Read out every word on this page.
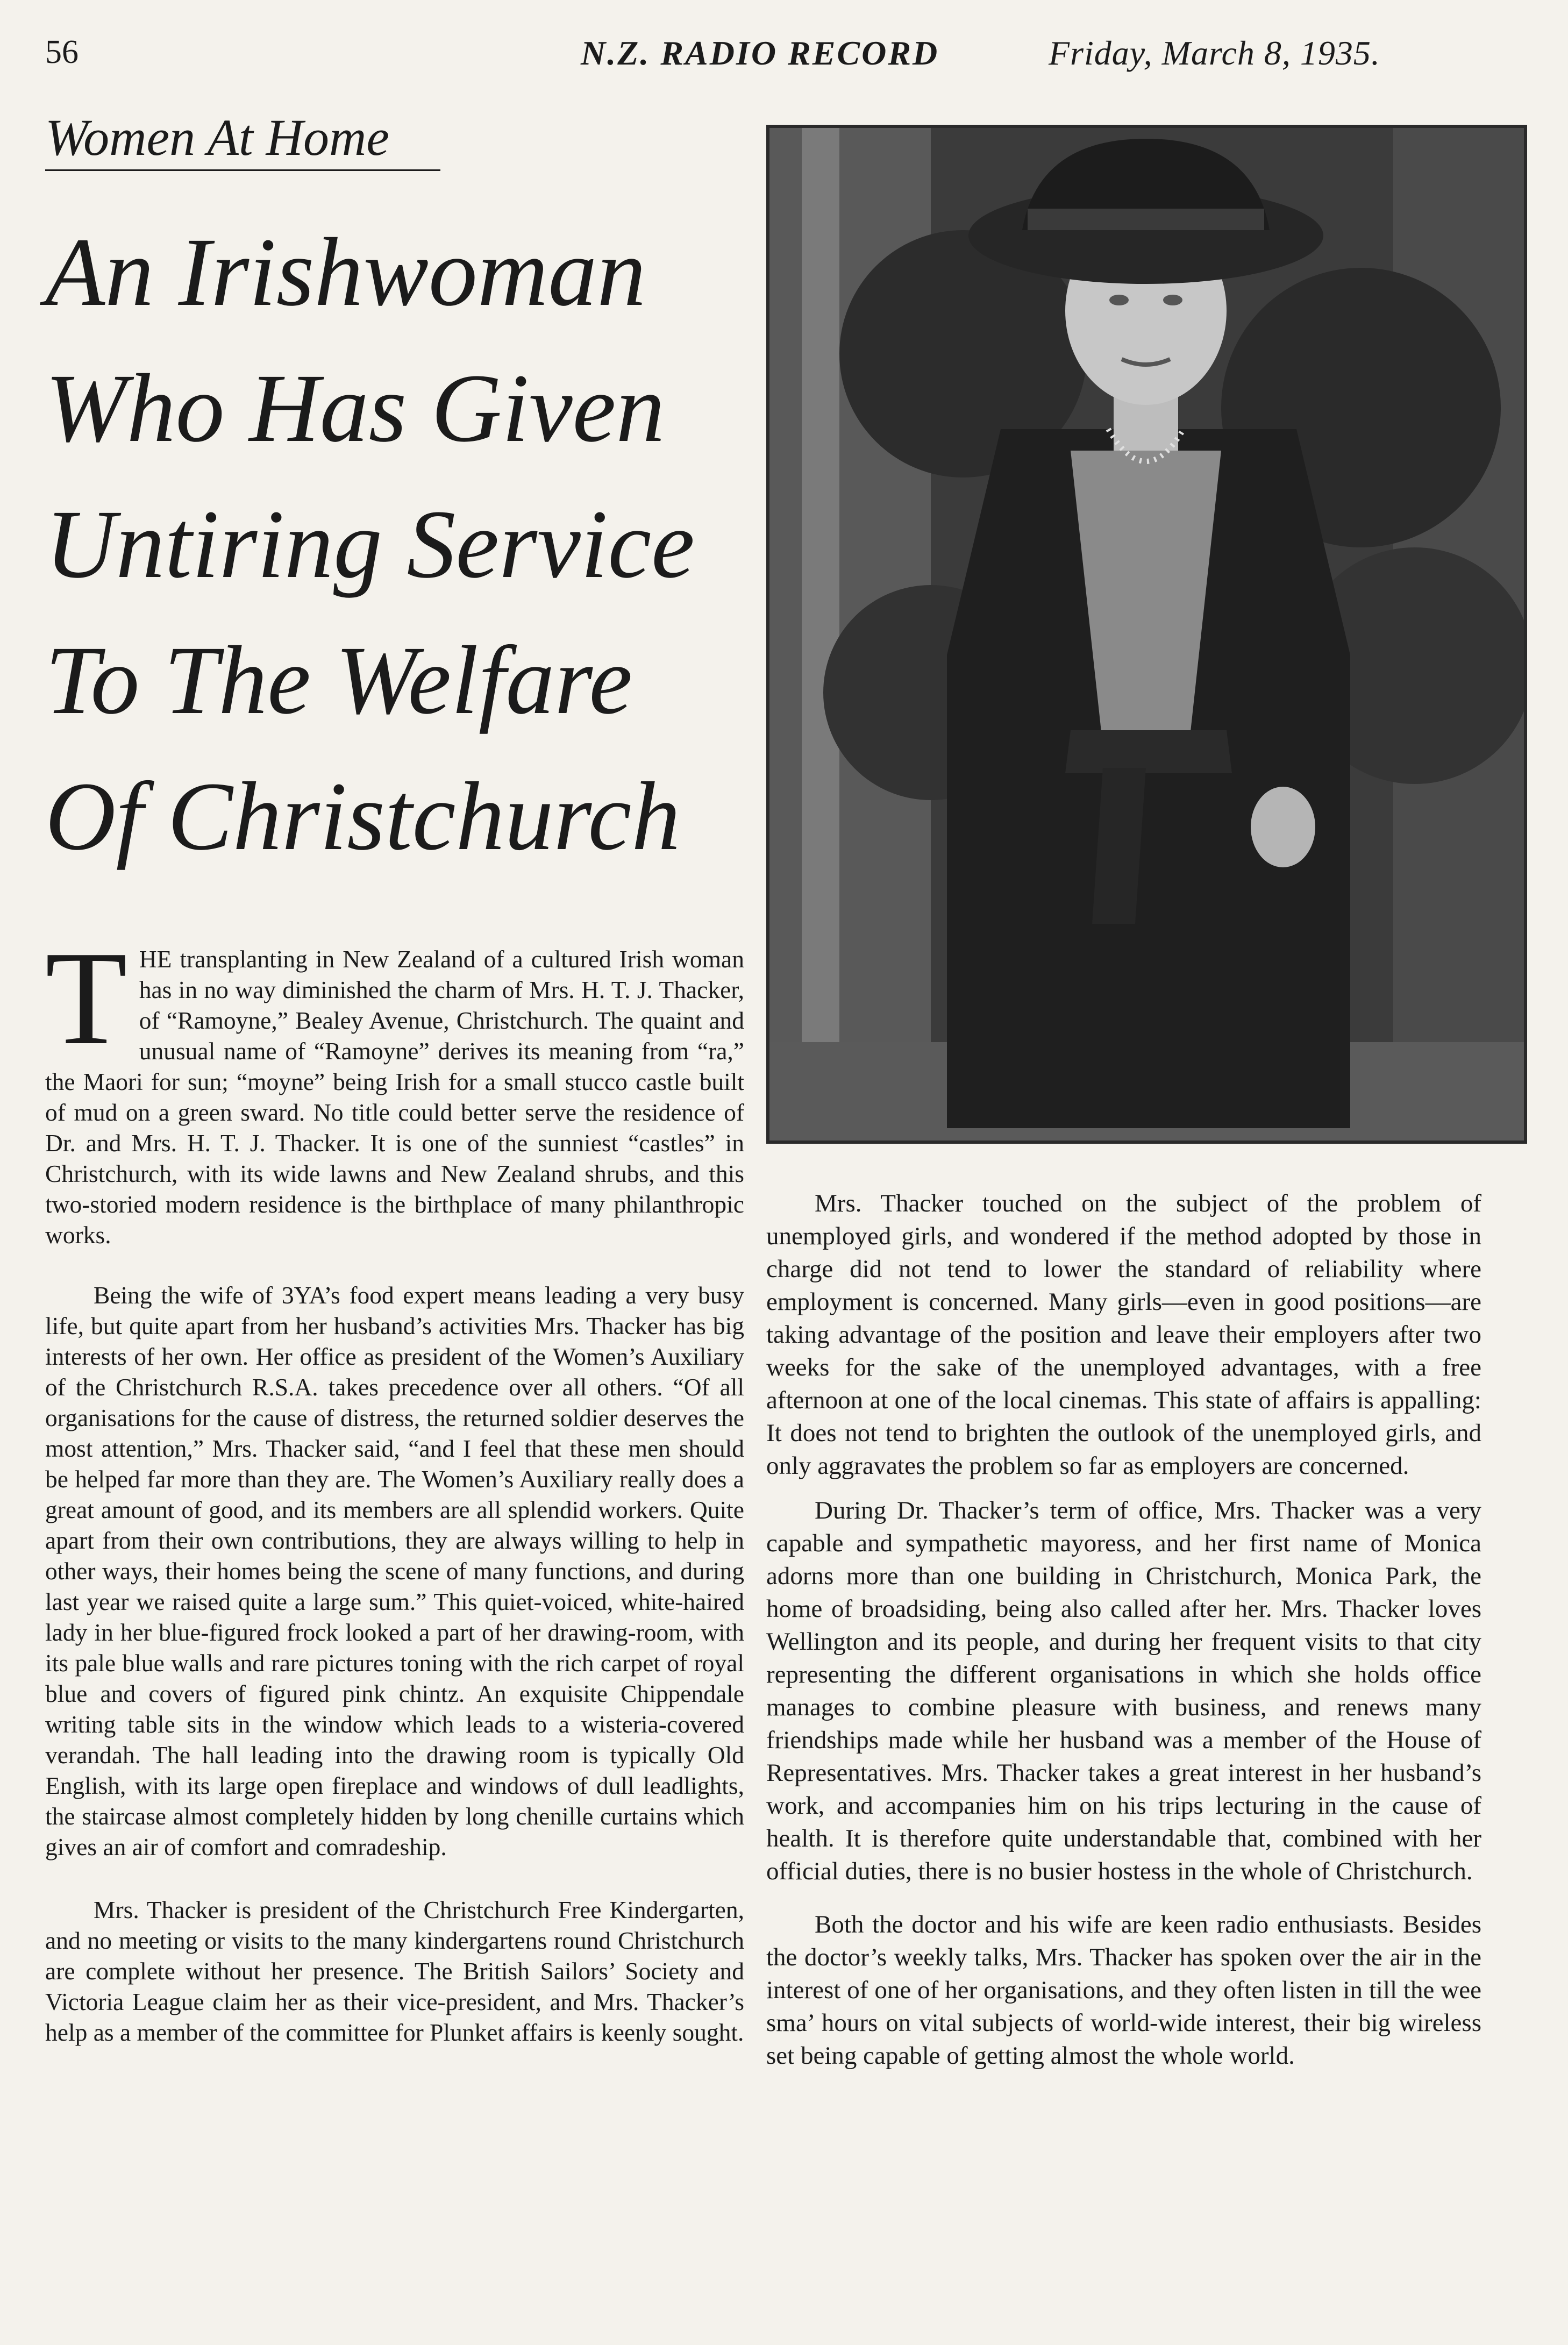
56	N.Z. RADIO RECORD	Friday, March 8, 1935.
Women At Home
An Irishwoman
Who Has Given
Untiring Service
To The Welfare
Of Christchurch

THE transplanting in New Zealand of a cultured Irish woman has in no way diminished the charm of Mrs. H. T. J. Thacker, of “Ramoyne,” Bealey Avenue, Christchurch. The quaint and unusual name of “Ramoyne” derives its meaning from “ra,” the Maori for sun; “moyne” being Irish for a small stucco castle built of mud on a green sward. No title could better serve the residence of Dr. and Mrs. H. T. J. Thacker. It is one of the sunniest “castles” in Christchurch, with its wide lawns and New Zealand shrubs, and this two-storied modern residence is the birthplace of many philanthropic works.

Being the wife of 3YA’s food expert means leading a very busy life, but quite apart from her husband’s activities Mrs. Thacker has big interests of her own. Her office as president of the Women’s Auxiliary of the Christchurch R.S.A. takes precedence over all others. “Of all organisations for the cause of distress, the returned soldier deserves the most attention,” Mrs. Thacker said, “and I feel that these men should be helped far more than they are. The Women’s Auxiliary really does a great amount of good, and its members are all splendid workers. Quite apart from their own contributions, they are always willing to help in other ways, their homes being the scene of many functions, and during last year we raised quite a large sum.” This quiet-voiced, white-haired lady in her blue-figured frock looked a part of her drawing-room, with its pale blue walls and rare pictures toning with the rich carpet of royal blue and covers of figured pink chintz. An exquisite Chippendale writing table sits in the window which leads to a wisteria-covered verandah. The hall leading into the drawing room is typically Old English, with its large open fireplace and windows of dull leadlights, the staircase almost completely hidden by long chenille curtains which gives an air of comfort and comradeship.

Mrs. Thacker is president of the Christchurch Free Kindergarten, and no meeting or visits to the many kindergartens round Christchurch are complete without her presence. The British Sailors’ Society and Victoria League claim her as their vice-president, and Mrs. Thacker’s help as a member of the committee for Plunket affairs is keenly sought.

Mrs. Thacker touched on the subject of the problem of unemployed girls, and wondered if the method adopted by those in charge did not tend to lower the standard of reliability where employment is concerned. Many girls—even in good positions—are taking advantage of the position and leave their employers after two weeks for the sake of the unemployed advantages, with a free afternoon at one of the local cinemas. This state of affairs is appalling: It does not tend to brighten the outlook of the unemployed girls, and only aggravates the problem so far as employers are concerned.

During Dr. Thacker’s term of office, Mrs. Thacker was a very capable and sympathetic mayoress, and her first name of Monica adorns more than one building in Christchurch, Monica Park, the home of broadsiding, being also called after her. Mrs. Thacker loves Wellington and its people, and during her frequent visits to that city representing the different organisations in which she holds office manages to combine pleasure with business, and renews many friendships made while her husband was a member of the House of Representatives. Mrs. Thacker takes a great interest in her husband’s work, and accompanies him on his trips lecturing in the cause of health. It is therefore quite understandable that, combined with her official duties, there is no busier hostess in the whole of Christchurch.

Both the doctor and his wife are keen radio enthusiasts. Besides the doctor’s weekly talks, Mrs. Thacker has spoken over the air in the interest of one of her organisations, and they often listen in till the wee sma’ hours on vital subjects of world-wide interest, their big wireless set being capable of getting almost the whole world.
